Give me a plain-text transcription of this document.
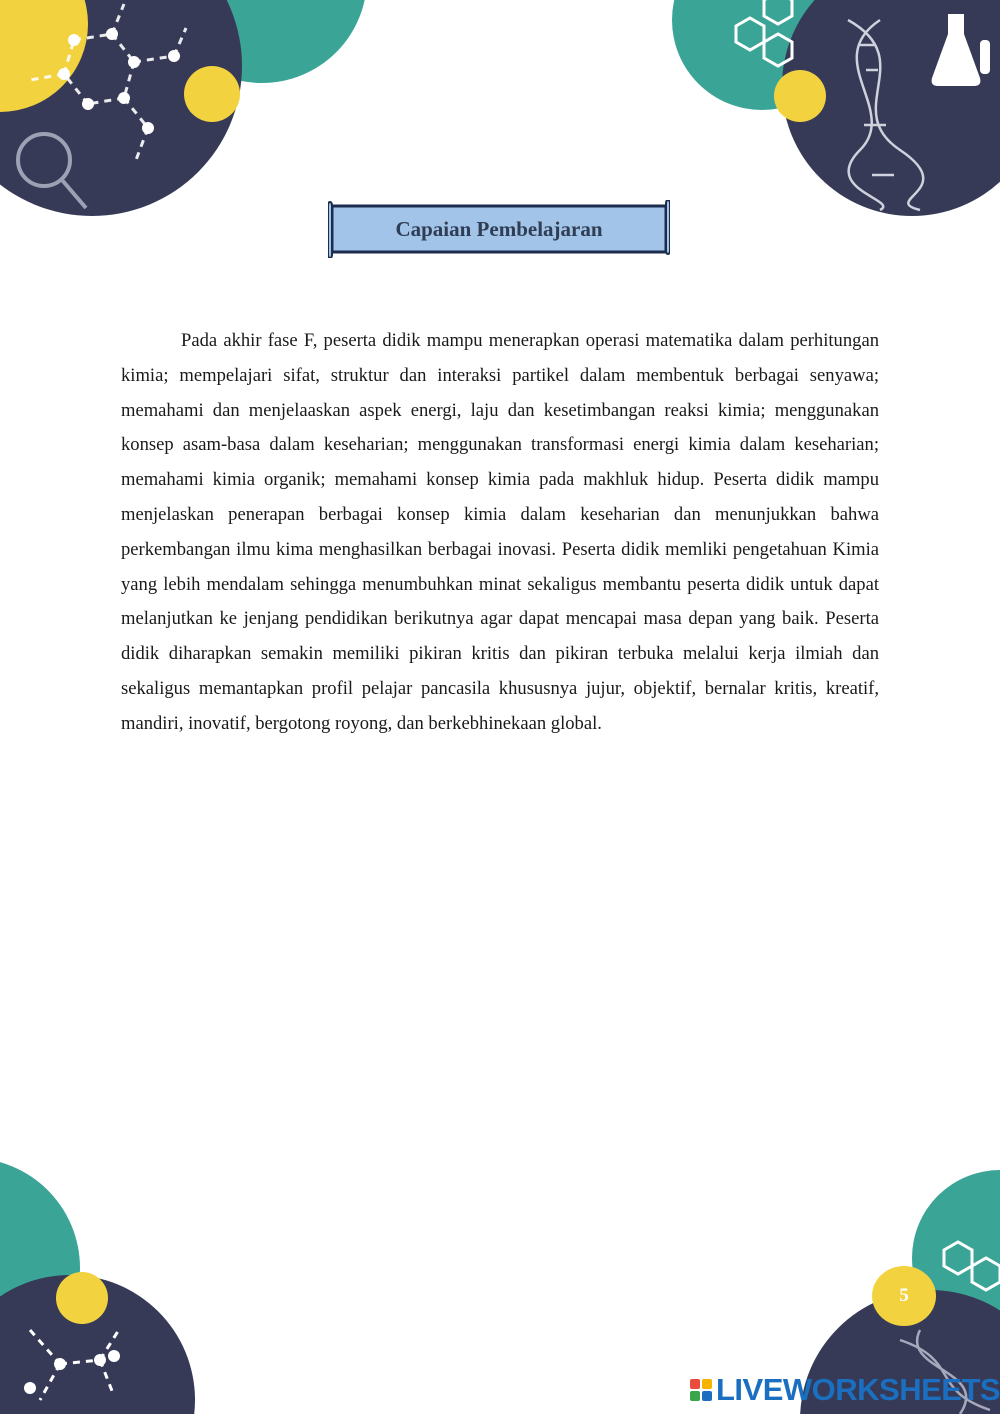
Capaian Pembelajaran

Pada akhir fase F, peserta didik mampu menerapkan operasi matematika dalam perhitungan kimia; mempelajari sifat, struktur dan interaksi partikel dalam membentuk berbagai senyawa; memahami dan menjelaaskan aspek energi, laju dan kesetimbangan reaksi kimia; menggunakan konsep asam-basa dalam keseharian; menggunakan transformasi energi kimia dalam keseharian; memahami kimia organik; memahami konsep kimia pada makhluk hidup. Peserta didik mampu menjelaskan penerapan berbagai konsep kimia dalam keseharian dan menunjukkan bahwa perkembangan ilmu kima menghasilkan berbagai inovasi. Peserta didik memliki pengetahuan Kimia yang lebih mendalam sehingga menumbuhkan minat sekaligus membantu peserta didik untuk dapat melanjutkan ke jenjang pendidikan berikutnya agar dapat mencapai masa depan yang baik. Peserta didik diharapkan semakin memiliki pikiran kritis dan pikiran terbuka melalui kerja ilmiah dan sekaligus memantapkan profil pelajar pancasila khususnya jujur, objektif, bernalar kritis, kreatif, mandiri, inovatif, bergotong royong, dan berkebhinekaan global.

5
LIVEWORKSHEETS
